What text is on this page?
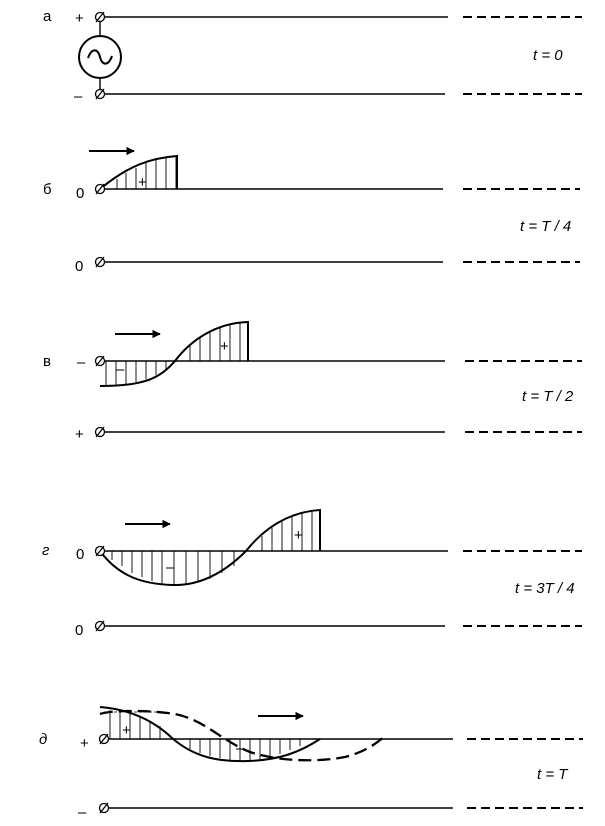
а +
–
t = 0
б 0
0
+
t = T / 4
в –
+
–
+
t = T / 2
г 0
0
–
+
t = 3T / 4
д +
–
+
–
t = T
